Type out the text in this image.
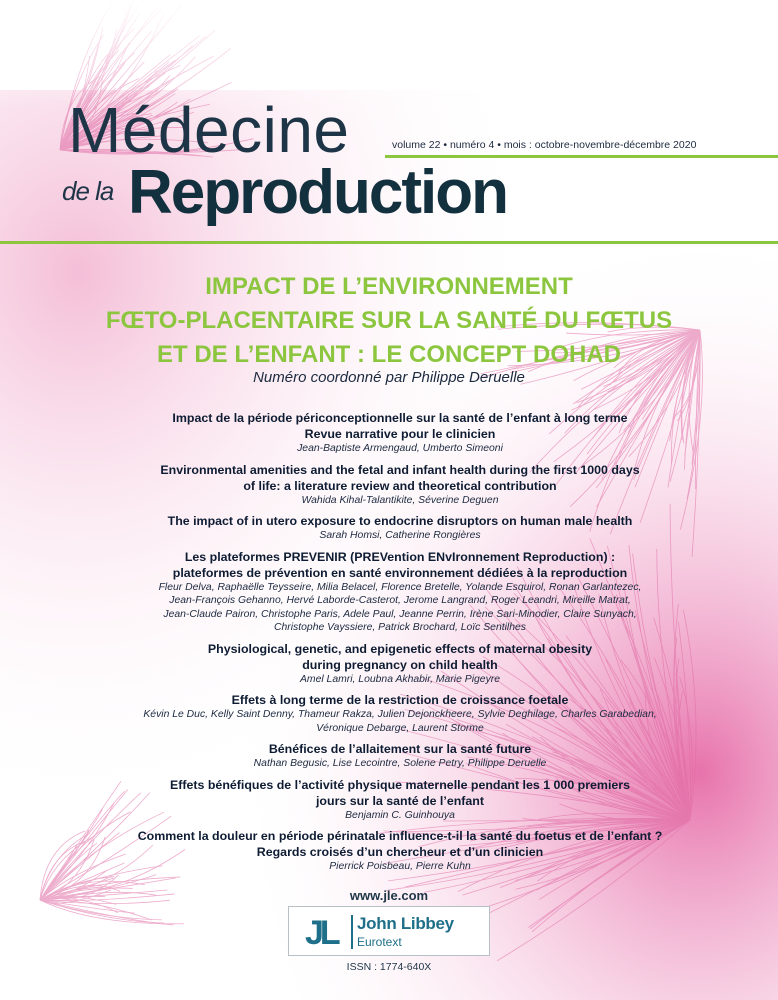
Médecine	volume 22 • numéro 4 • mois : octobre-novembre-décembre 2020
de la Reproduction
IMPACT DE L’ENVIRONNEMENT
FŒTO-PLACENTAIRE SUR LA SANTÉ DU FŒTUS
ET DE L’ENFANT : LE CONCEPT DOHAD
Numéro coordonné par Philippe Deruelle
Impact de la période périconceptionnelle sur la santé de l’enfant à long terme
Revue narrative pour le clinicien
Jean-Baptiste Armengaud, Umberto Simeoni
Environmental amenities and the fetal and infant health during the first 1000 days
of life: a literature review and theoretical contribution
Wahida Kihal-Talantikite, Séverine Deguen
The impact of in utero exposure to endocrine disruptors on human male health
Sarah Homsi, Catherine Rongières
Les plateformes PREVENIR (PREVention ENvIronnement Reproduction) :
plateformes de prévention en santé environnement dédiées à la reproduction
Fleur Delva, Raphaëlle Teysseire, Milia Belacel, Florence Bretelle, Yolande Esquirol, Ronan Garlantezec,
Jean-François Gehanno, Hervé Laborde-Casterot, Jerome Langrand, Roger Leandri, Mireille Matrat,
Jean-Claude Pairon, Christophe Paris, Adele Paul, Jeanne Perrin, Irène Sari-Minodier, Claire Sunyach,
Christophe Vayssiere, Patrick Brochard, Loïc Sentilhes
Physiological, genetic, and epigenetic effects of maternal obesity
during pregnancy on child health
Amel Lamri, Loubna Akhabir, Marie Pigeyre
Effets à long terme de la restriction de croissance foetale
Kévin Le Duc, Kelly Saint Denny, Thameur Rakza, Julien Dejonckheere, Sylvie Deghilage, Charles Garabedian,
Véronique Debarge, Laurent Storme
Bénéfices de l’allaitement sur la santé future
Nathan Begusic, Lise Lecointre, Solene Petry, Philippe Deruelle
Effets bénéfiques de l’activité physique maternelle pendant les 1 000 premiers
jours sur la santé de l’enfant
Benjamin C. Guinhouya
Comment la douleur en période périnatale influence-t-il la santé du foetus et de l’enfant ?
Regards croisés d’un chercheur et d’un clinicien
Pierrick Poisbeau, Pierre Kuhn
www.jle.com
JL John Libbey
Eurotext
ISSN : 1774-640X
